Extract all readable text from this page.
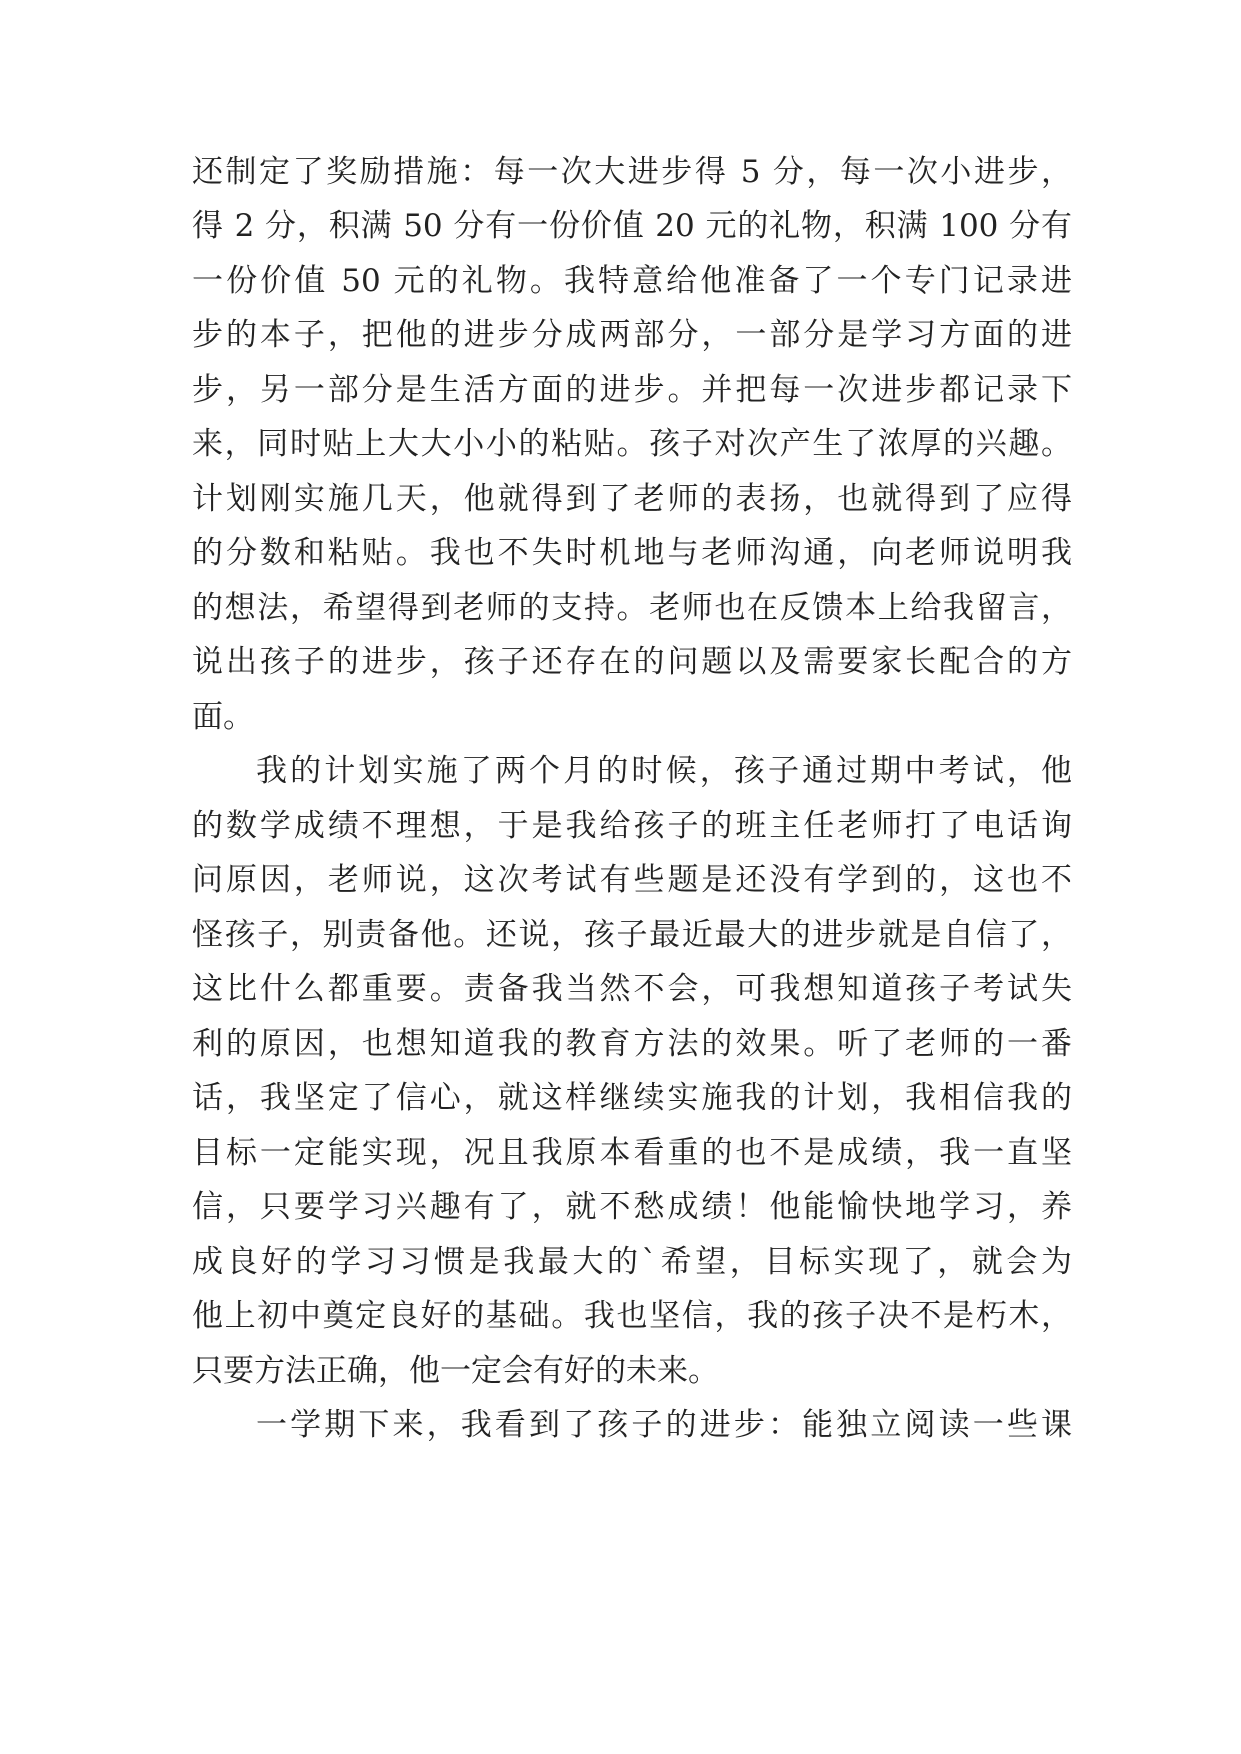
还制定了奖励措施：每一次大进步得 5 分，每一次小进步，
得 2 分，积满 50 分有一份价值 20 元的礼物，积满 100 分有
一份价值 50 元的礼物。我特意给他准备了一个专门记录进
步的本子，把他的进步分成两部分，一部分是学习方面的进
步，另一部分是生活方面的进步。并把每一次进步都记录下
来，同时贴上大大小小的粘贴。孩子对次产生了浓厚的兴趣。
计划刚实施几天，他就得到了老师的表扬，也就得到了应得
的分数和粘贴。我也不失时机地与老师沟通，向老师说明我
的想法，希望得到老师的支持。老师也在反馈本上给我留言，
说出孩子的进步，孩子还存在的问题以及需要家长配合的方
面。
我的计划实施了两个月的时候，孩子通过期中考试，他
的数学成绩不理想，于是我给孩子的班主任老师打了电话询
问原因，老师说，这次考试有些题是还没有学到的，这也不
怪孩子，别责备他。还说，孩子最近最大的进步就是自信了，
这比什么都重要。责备我当然不会，可我想知道孩子考试失
利的原因，也想知道我的教育方法的效果。听了老师的一番
话，我坚定了信心，就这样继续实施我的计划，我相信我的
目标一定能实现，况且我原本看重的也不是成绩，我一直坚
信，只要学习兴趣有了，就不愁成绩！他能愉快地学习，养
成良好的学习习惯是我最大的`希望，目标实现了，就会为
他上初中奠定良好的基础。我也坚信，我的孩子决不是朽木，
只要方法正确，他一定会有好的未来。
一学期下来，我看到了孩子的进步：能独立阅读一些课
